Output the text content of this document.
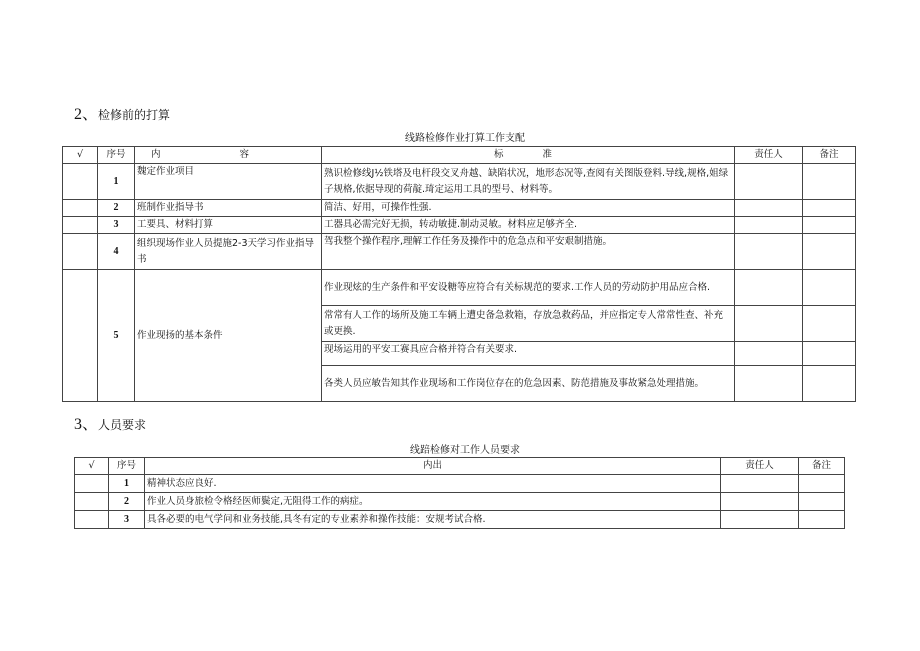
2、检修前的打算
线路检修作业打算工作支配
√	序号	内 容	标 准	责任人	备注
	1	魏定作业项目	熟识检修线J½铁塔及电杆段交叉舟越、缺陷状况，地形态况等,查阅有关图版登料.导线,规格,姐绿子规格,依据导现的荷靛.琦定运用工具的型号、材料等。		
	2	班制作业指导书	简洁、好用，可操作性强.		
	3	工要具、材料打算	工器具必需完好无损，转动敏捷.制动灵敏。材料应足够齐全.		
	4	组织现场作业人员提施2-3天学习作业指导书	驾我整个操作程序,理解工作任务及操作中的危急点和平安艰制措施。		
	5	作业现扬的基本条件	作业现炫的生产条件和平安设糖等应符合有关标规范的要求.工作人员的劳动防护用品应合格.		
			常常有人工作的场所及施工车辆上遭史备急救箱，存放急救药品，并应指定专人常常性查、补充或更换.		
			现场运用的平安工赛具应合格并符合有关要求.		
			各类人员应敏告知其作业现场和工作岗位存在的危急因素、防范措施及事故紧急处理措施。		
3、人员要求
线踣检修对工作人员要求
√	序号	内出	责任人	备注
	1	精神状态应良好.		
	2	作业人员身旅检令格经医师鬓定,无阻得工作的病症。		
	3	具各必要的电气学问和业务技能,具冬有定的专业素养和操作技能：安规考试合格.		
